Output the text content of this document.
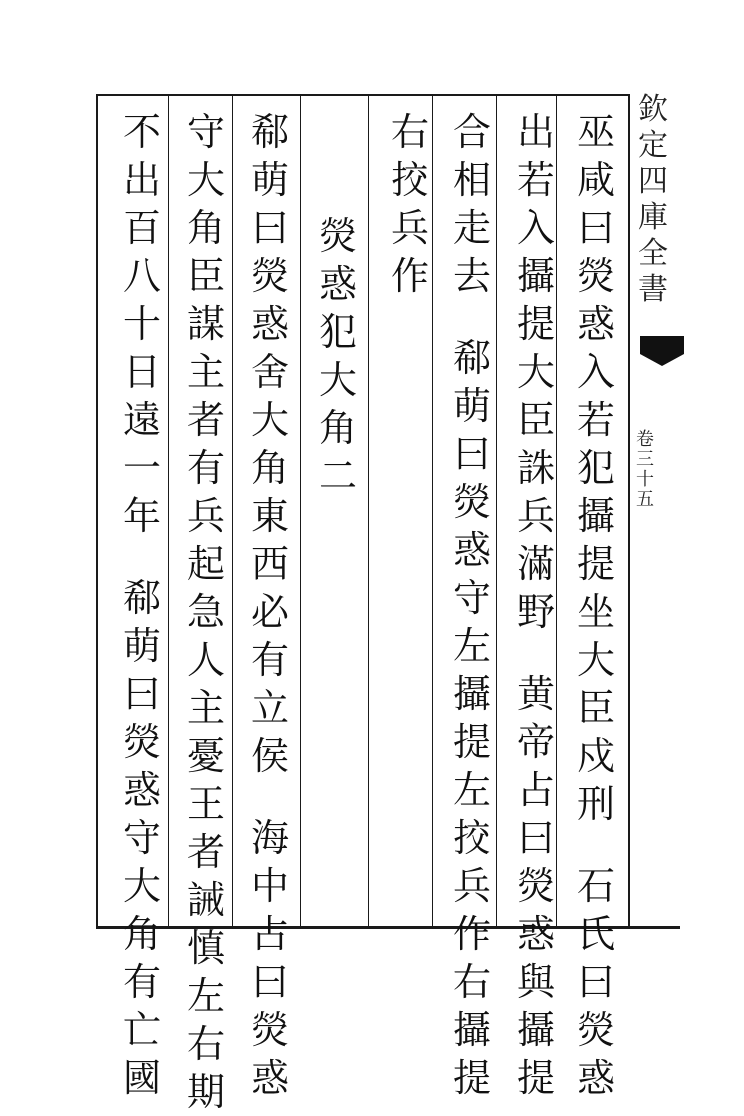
欽
定
四
庫
全
書
卷
三
十
五
巫
咸
曰
熒
惑
入
若
犯
攝
提
坐
大
臣
戍
刑
石
氏
曰
熒
惑
出
若
入
攝
提
大
臣
誅
兵
滿
野
黄
帝
占
曰
熒
惑
與
攝
提
合
相
走
去
郗
萌
曰
熒
惑
守
左
攝
提
左
挍
兵
作
右
攝
提
右
挍
兵
作
熒
惑
犯
大
角
二
郗
萌
曰
熒
惑
舍
大
角
東
西
必
有
立
侯
海
中
占
曰
熒
惑
守
大
角
臣
謀
主
者
有
兵
起
急
人
主
憂
王
者
誡
慎
左
右
期
不
出
百
八
十
日
遠
一
年
郗
萌
曰
熒
惑
守
大
角
有
亡
國
